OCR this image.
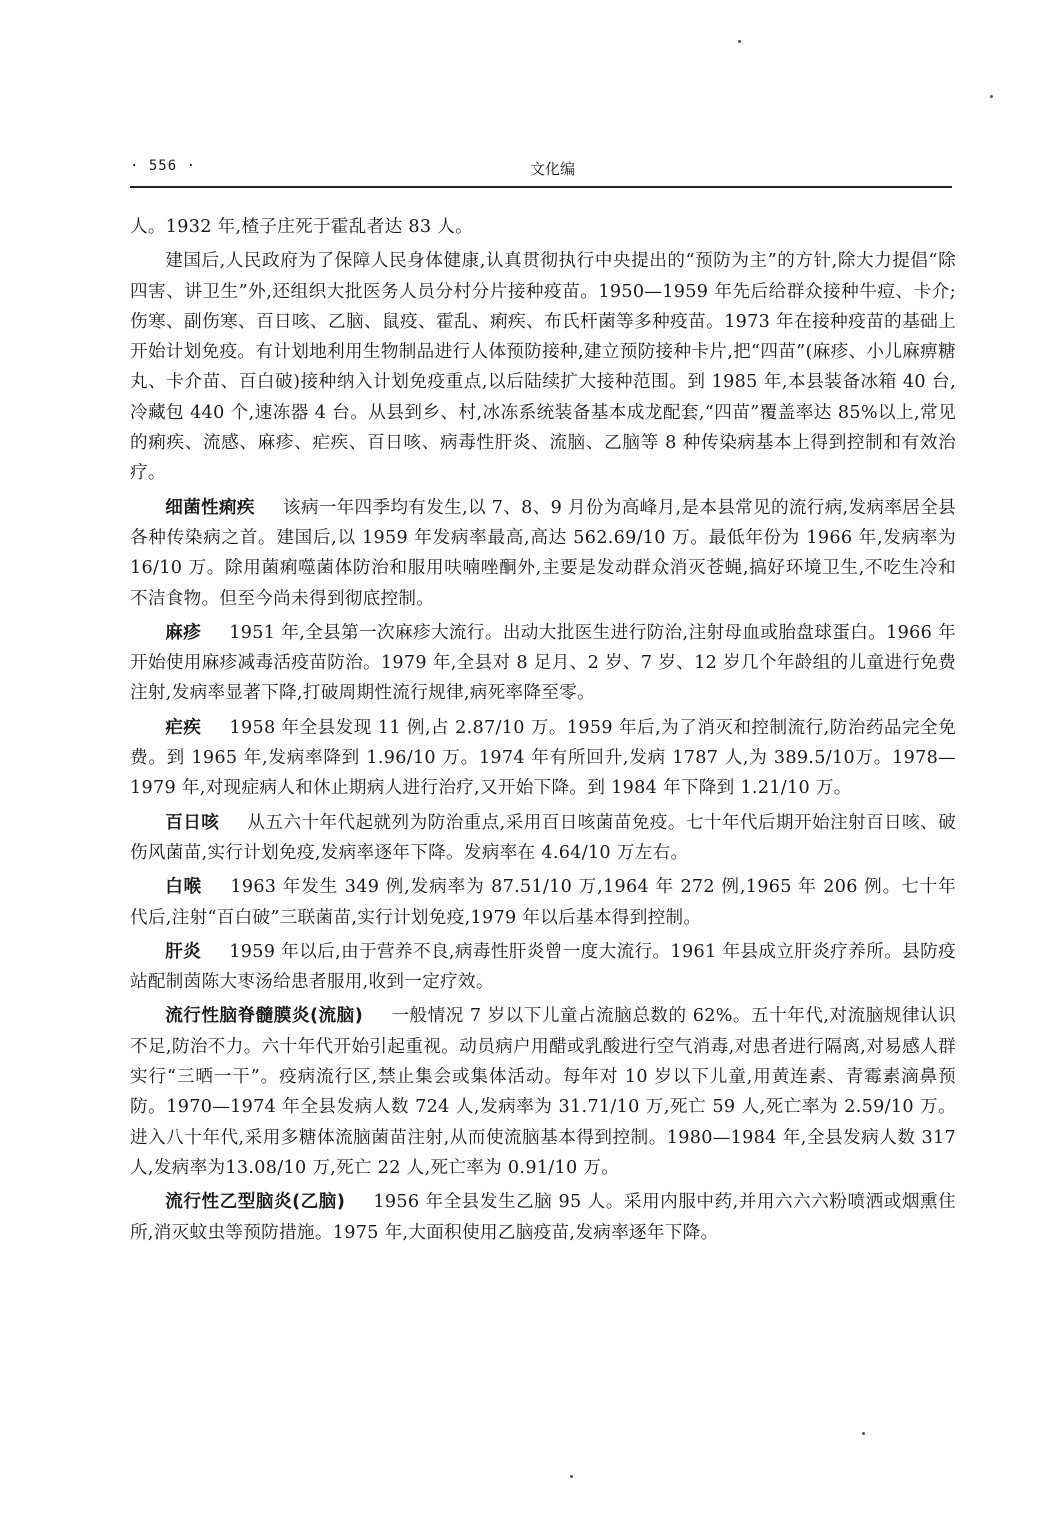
· 556 ·	文化编

人。1932 年,楂子庄死于霍乱者达 83 人。

建国后,人民政府为了保障人民身体健康,认真贯彻执行中央提出的“预防为主”的方针,除大力提倡“除四害、讲卫生”外,还组织大批医务人员分村分片接种疫苗。1950—1959 年先后给群众接种牛痘、卡介;伤寒、副伤寒、百日咳、乙脑、鼠疫、霍乱、痢疾、布氏杆菌等多种疫苗。1973 年在接种疫苗的基础上开始计划免疫。有计划地利用生物制品进行人体预防接种,建立预防接种卡片,把“四苗”(麻疹、小儿麻痹糖丸、卡介苗、百白破)接种纳入计划免疫重点,以后陆续扩大接种范围。到 1985 年,本县装备冰箱 40 台,冷藏包 440 个,速冻器 4 台。从县到乡、村,冰冻系统装备基本成龙配套,“四苗”覆盖率达 85%以上,常见的痢疾、流感、麻疹、疟疾、百日咳、病毒性肝炎、流脑、乙脑等 8 种传染病基本上得到控制和有效治疗。

细菌性痢疾 该病一年四季均有发生,以 7、8、9 月份为高峰月,是本县常见的流行病,发病率居全县各种传染病之首。建国后,以 1959 年发病率最高,高达 562.69/10 万。最低年份为 1966 年,发病率为 16/10 万。除用菌痢噬菌体防治和服用呋喃唑酮外,主要是发动群众消灭苍蝇,搞好环境卫生,不吃生冷和不洁食物。但至今尚未得到彻底控制。

麻疹 1951 年,全县第一次麻疹大流行。出动大批医生进行防治,注射母血或胎盘球蛋白。1966 年开始使用麻疹减毒活疫苗防治。1979 年,全县对 8 足月、2 岁、7 岁、12 岁几个年龄组的儿童进行免费注射,发病率显著下降,打破周期性流行规律,病死率降至零。

疟疾 1958 年全县发现 11 例,占 2.87/10 万。1959 年后,为了消灭和控制流行,防治药品完全免费。到 1965 年,发病率降到 1.96/10 万。1974 年有所回升,发病 1787 人,为 389.5/10万。1978—1979 年,对现症病人和休止期病人进行治疗,又开始下降。到 1984 年下降到 1.21/10 万。

百日咳 从五六十年代起就列为防治重点,采用百日咳菌苗免疫。七十年代后期开始注射百日咳、破伤风菌苗,实行计划免疫,发病率逐年下降。发病率在 4.64/10 万左右。

白喉 1963 年发生 349 例,发病率为 87.51/10 万,1964 年 272 例,1965 年 206 例。七十年代后,注射“百白破”三联菌苗,实行计划免疫,1979 年以后基本得到控制。

肝炎 1959 年以后,由于营养不良,病毒性肝炎曾一度大流行。1961 年县成立肝炎疗养所。县防疫站配制茵陈大枣汤给患者服用,收到一定疗效。

流行性脑脊髓膜炎(流脑) 一般情况 7 岁以下儿童占流脑总数的 62%。五十年代,对流脑规律认识不足,防治不力。六十年代开始引起重视。动员病户用醋或乳酸进行空气消毒,对患者进行隔离,对易感人群实行“三晒一干”。疫病流行区,禁止集会或集体活动。每年对 10 岁以下儿童,用黄连素、青霉素滴鼻预防。1970—1974 年全县发病人数 724 人,发病率为 31.71/10 万,死亡 59 人,死亡率为 2.59/10 万。进入八十年代,采用多糖体流脑菌苗注射,从而使流脑基本得到控制。1980—1984 年,全县发病人数 317 人,发病率为13.08/10 万,死亡 22 人,死亡率为 0.91/10 万。

流行性乙型脑炎(乙脑) 1956 年全县发生乙脑 95 人。采用内服中药,并用六六六粉喷洒或烟熏住所,消灭蚊虫等预防措施。1975 年,大面积使用乙脑疫苗,发病率逐年下降。
